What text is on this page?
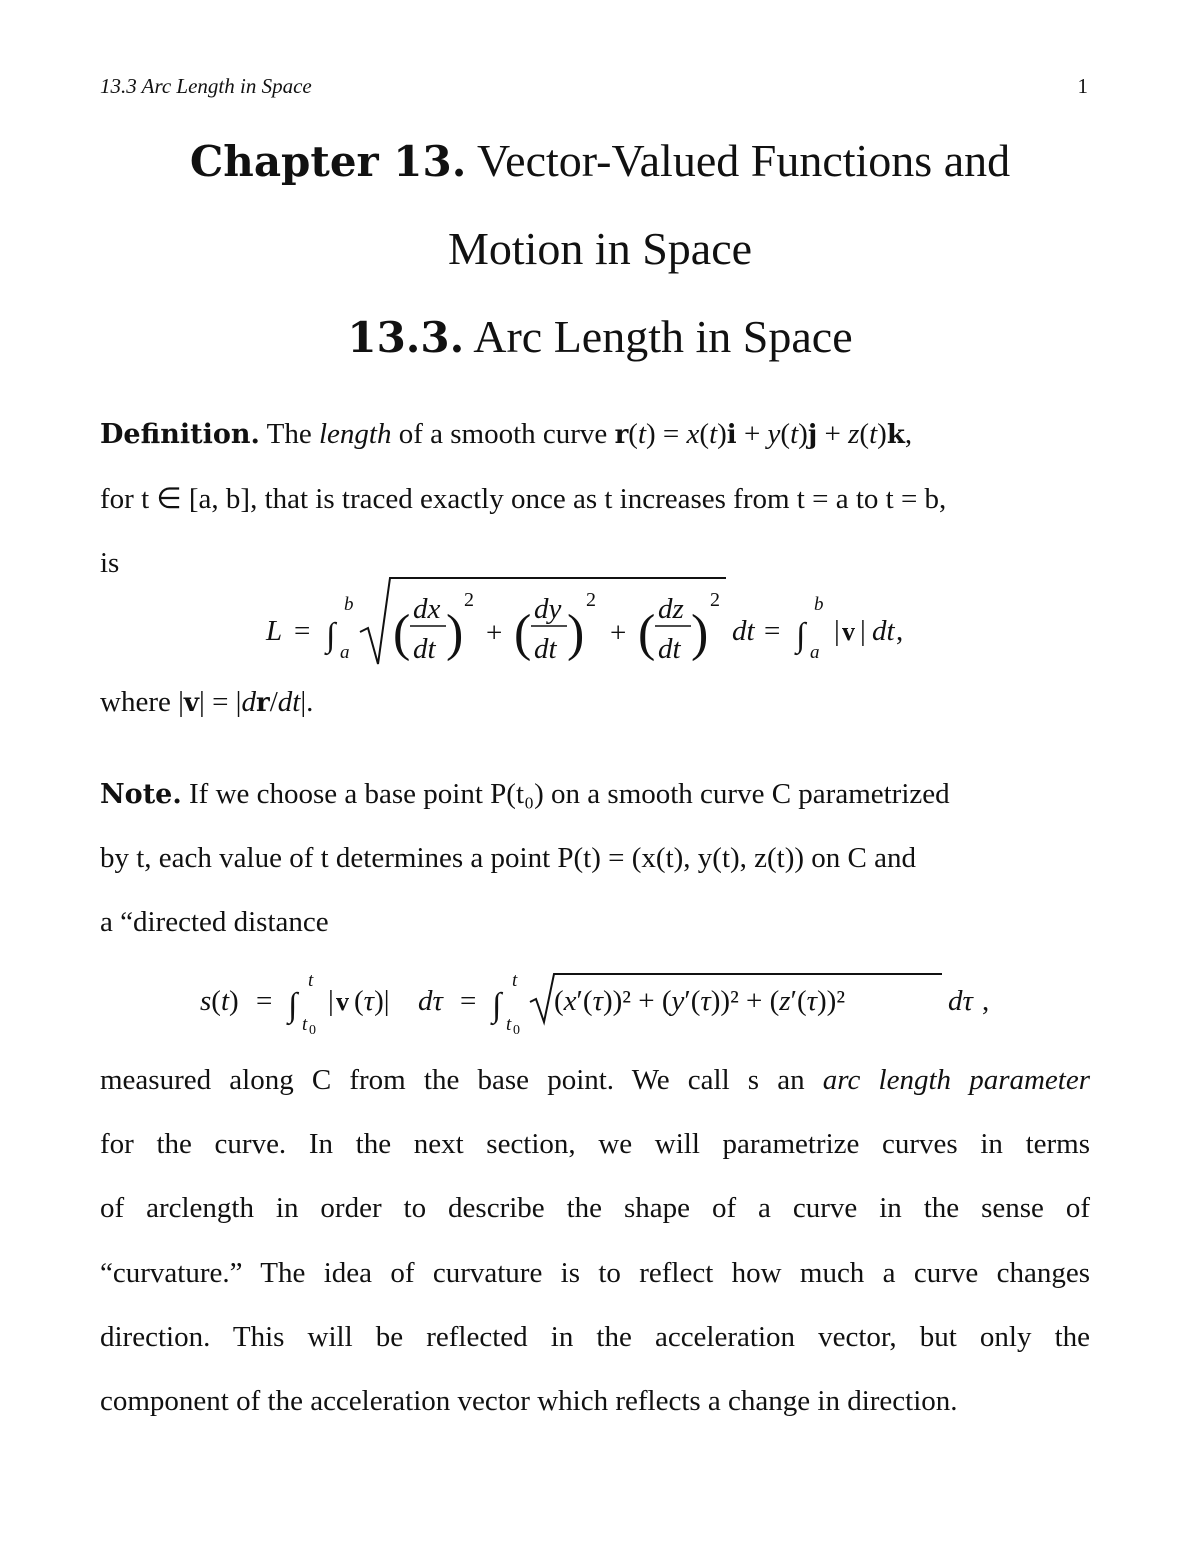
13.3 Arc Length in Space	1
Chapter 13. Vector-Valued Functions and
Motion in Space
13.3. Arc Length in Space
Definition. The length of a smooth curve r(t) = x(t)i + y(t)j + z(t)k,
for t ∈ [a, b], that is traced exactly once as t increases from t = a to t = b,
is
L = ∫
b
a ( dx
dt )
2
+ ( dy
dt )
2
+ ( dz
dt )
2
dt = ∫
b
a
| v | dt ,
where |v| = |dr/dt|.
Note. If we choose a base point P(t₀) on a smooth curve C parametrized
by t, each value of t determines a point P(t) = (x(t), y(t), z(t)) on C and
a “directed distance
s(t) = ∫
t
t 0
| v (τ)| dτ = ∫
t
t 0
(x′(τ))² + (y′(τ))² + (z′(τ))²	dτ ,
measured along C from the base point. We call s an arc length parameter
for the curve. In the next section, we will parametrize curves in terms
of arclength in order to describe the shape of a curve in the sense of
“curvature.” The idea of curvature is to reflect how much a curve changes
direction. This will be reflected in the acceleration vector, but only the
component of the acceleration vector which reflects a change in direction.
